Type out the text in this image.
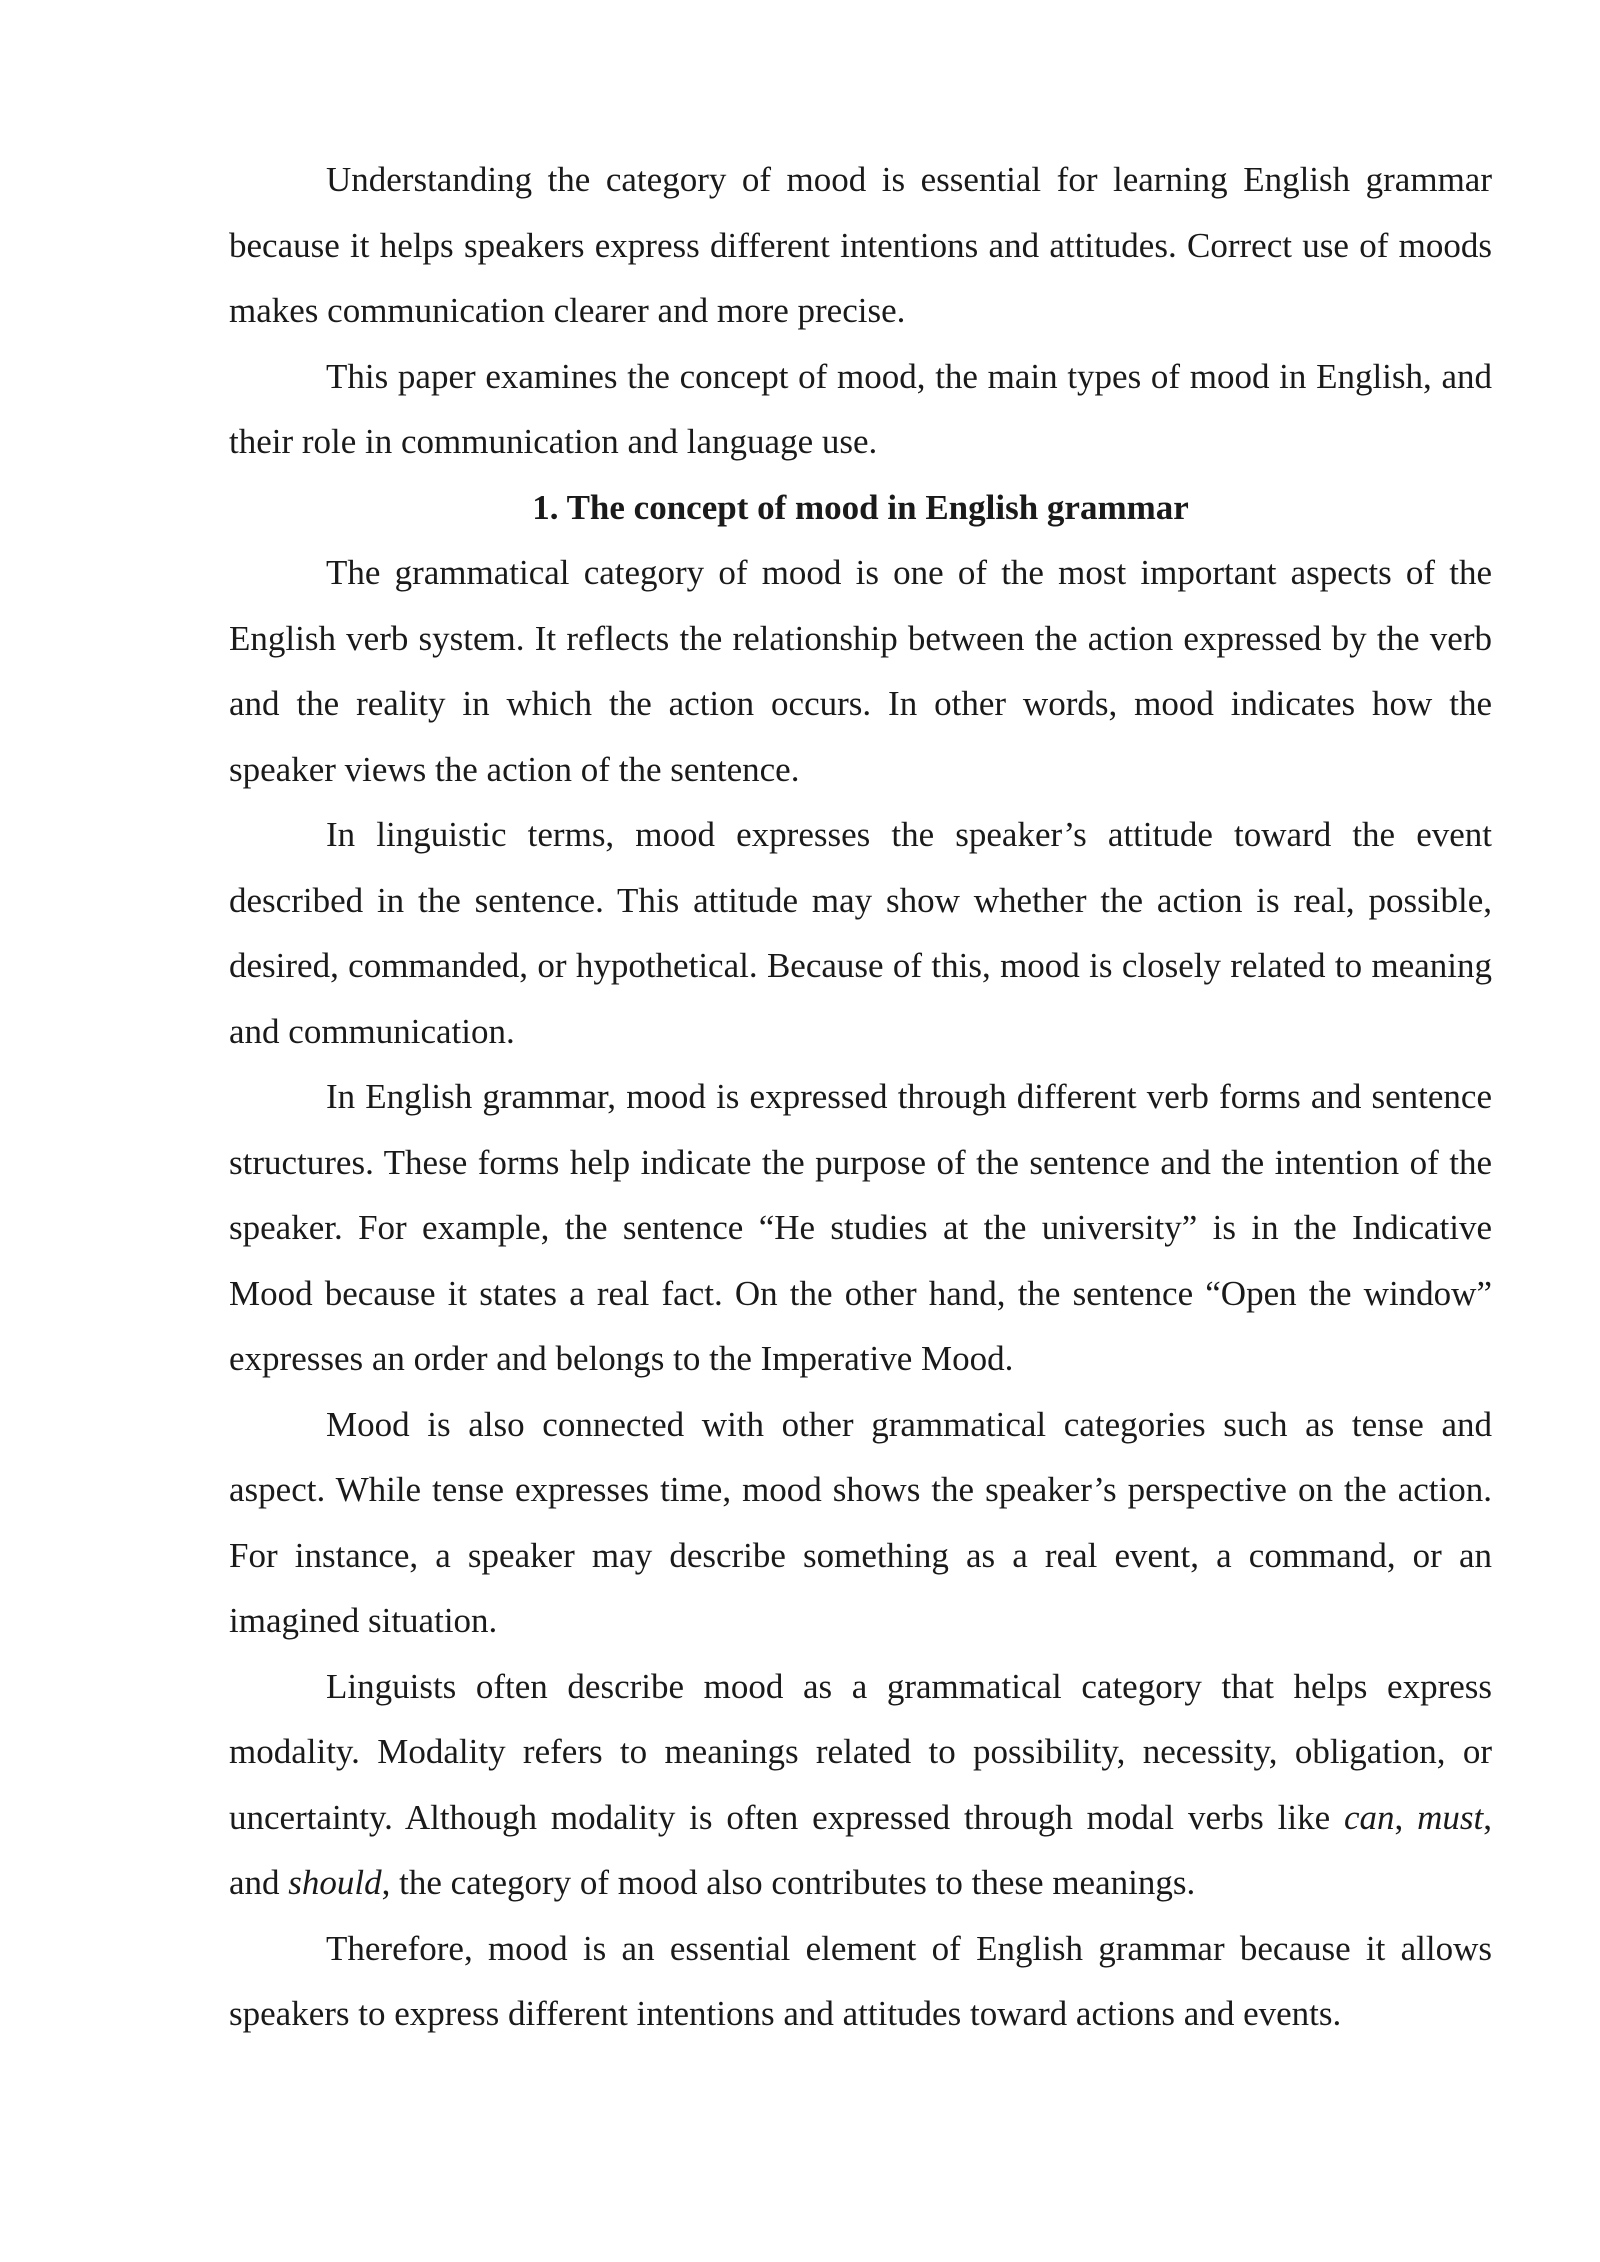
Understanding the category of mood is essential for learning English grammar because it helps speakers express different intentions and attitudes. Correct use of moods makes communication clearer and more precise.

This paper examines the concept of mood, the main types of mood in English, and their role in communication and language use.

1. The concept of mood in English grammar

The grammatical category of mood is one of the most important aspects of the English verb system. It reflects the relationship between the action expressed by the verb and the reality in which the action occurs. In other words, mood indicates how the speaker views the action of the sentence.

In linguistic terms, mood expresses the speaker’s attitude toward the event described in the sentence. This attitude may show whether the action is real, possible, desired, commanded, or hypothetical. Because of this, mood is closely related to meaning and communication.

In English grammar, mood is expressed through different verb forms and sentence structures. These forms help indicate the purpose of the sentence and the intention of the speaker. For example, the sentence “He studies at the university” is in the Indicative Mood because it states a real fact. On the other hand, the sentence “Open the window” expresses an order and belongs to the Imperative Mood.

Mood is also connected with other grammatical categories such as tense and aspect. While tense expresses time, mood shows the speaker’s perspective on the action. For instance, a speaker may describe something as a real event, a command, or an imagined situation.

Linguists often describe mood as a grammatical category that helps express modality. Modality refers to meanings related to possibility, necessity, obligation, or uncertainty. Although modality is often expressed through modal verbs like can, must, and should, the category of mood also contributes to these meanings.

Therefore, mood is an essential element of English grammar because it allows speakers to express different intentions and attitudes toward actions and events.
